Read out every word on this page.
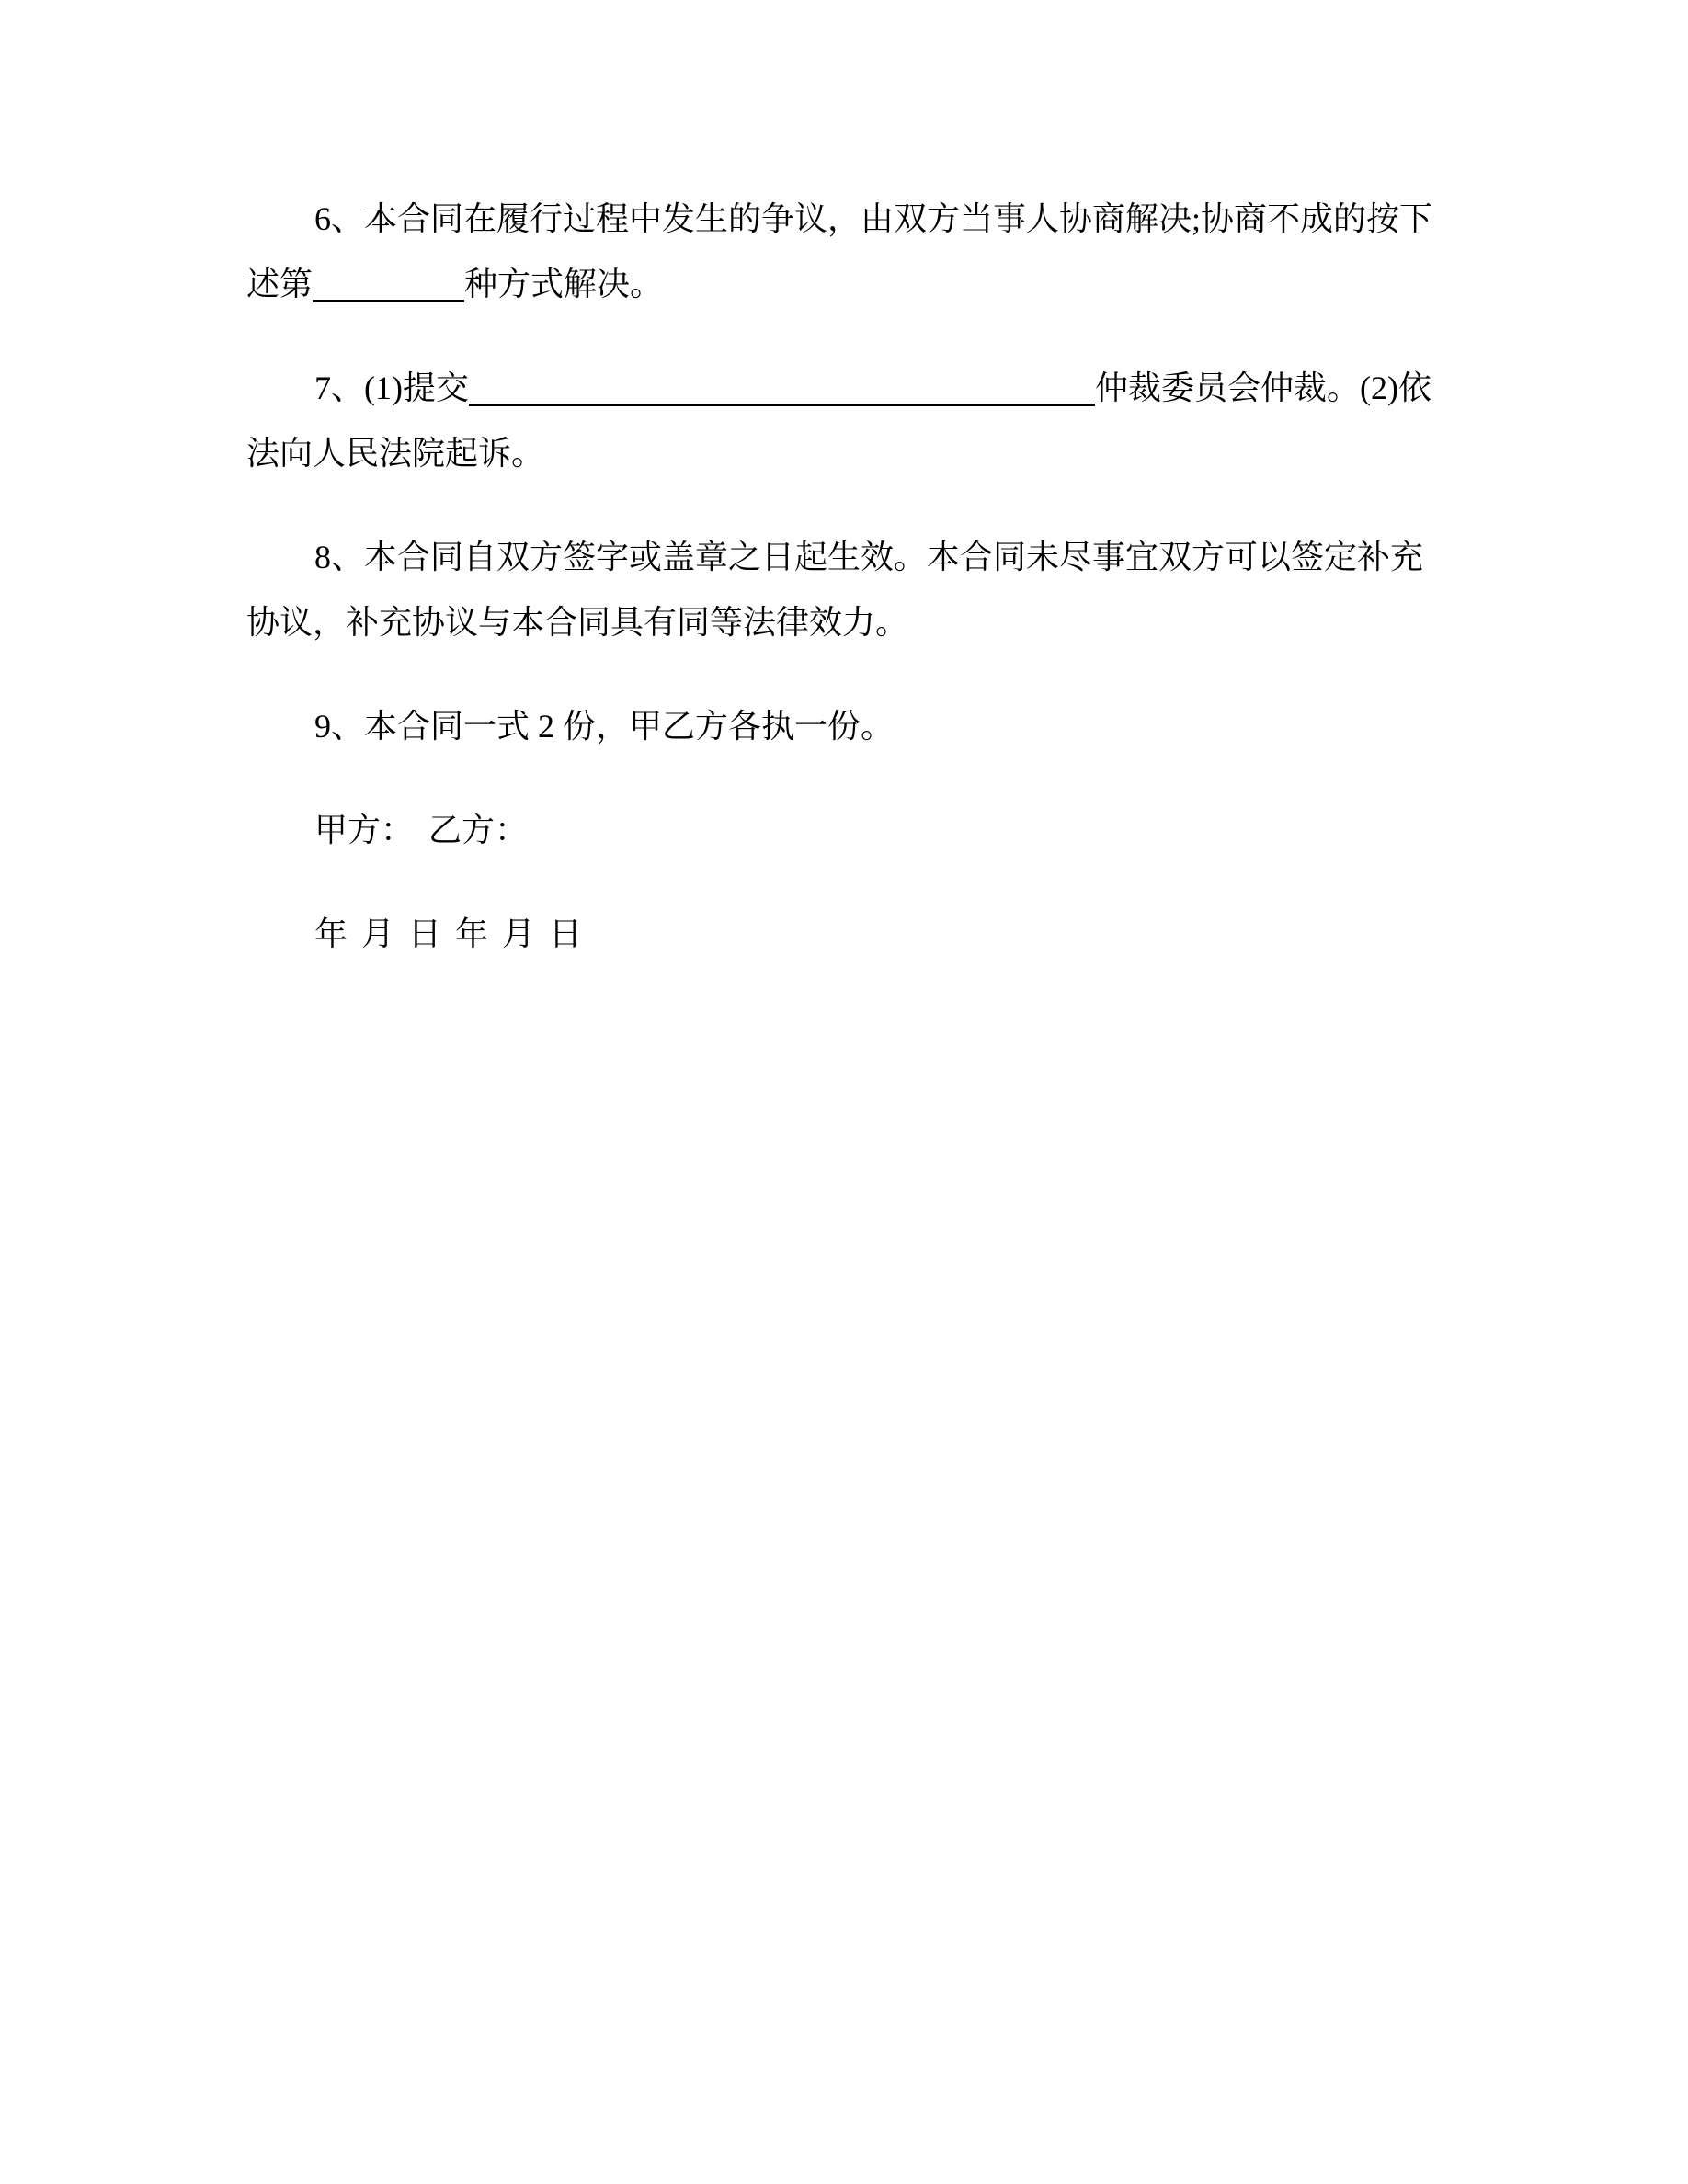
6、本合同在履行过程中发生的争议，由双方当事人协商解决;协商不成的按下
述第	种方式解决。

7、(1)提交	仲裁委员会仲裁。(2)依
法向人民法院起诉。

8、本合同自双方签字或盖章之日起生效。本合同未尽事宜双方可以签定补充
协议，补充协议与本合同具有同等法律效力。

9、本合同一式 2 份，甲乙方各执一份。

甲方： 乙方：

年 月 日 年 月 日
